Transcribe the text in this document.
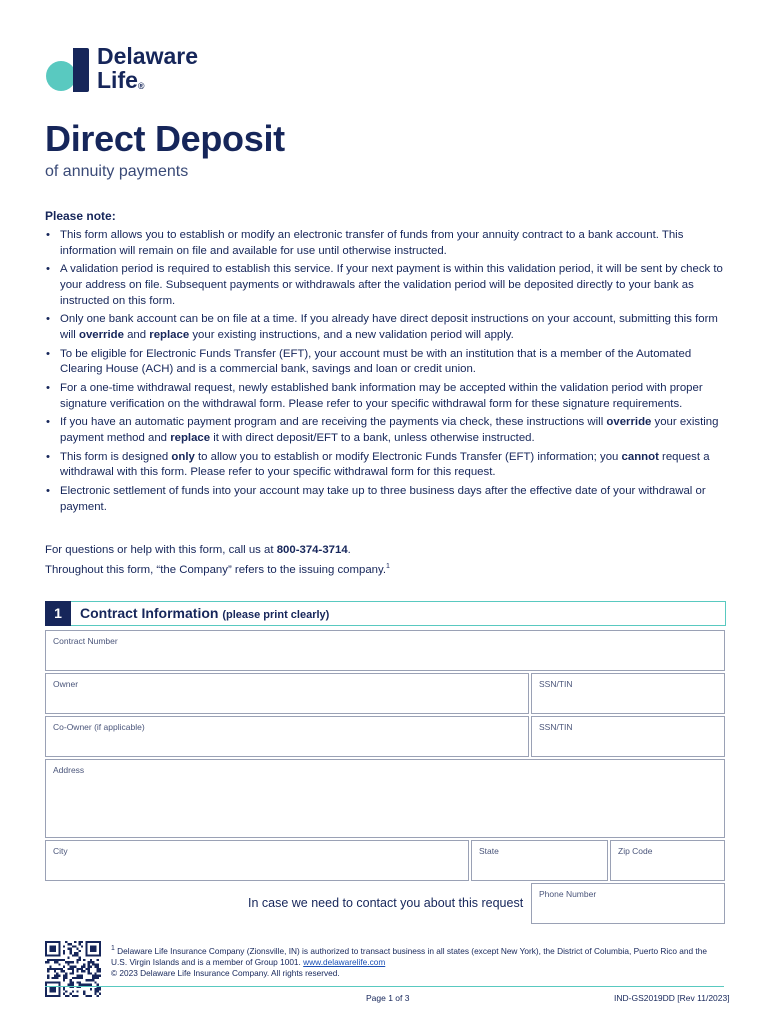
Delaware
Life®
Direct Deposit
of annuity payments
Please note:
• This form allows you to establish or modify an electronic transfer of funds from your annuity contract to a bank account. This information will remain on file and available for use until otherwise instructed.
• A validation period is required to establish this service. If your next payment is within this validation period, it will be sent by check to your address on file. Subsequent payments or withdrawals after the validation period will be deposited directly to your bank as instructed on this form.
• Only one bank account can be on file at a time. If you already have direct deposit instructions on your account, submitting this form will override and replace your existing instructions, and a new validation period will apply.
• To be eligible for Electronic Funds Transfer (EFT), your account must be with an institution that is a member of the Automated Clearing House (ACH) and is a commercial bank, savings and loan or credit union.
• For a one-time withdrawal request, newly established bank information may be accepted within the validation period with proper signature verification on the withdrawal form. Please refer to your specific withdrawal form for these signature requirements.
• If you have an automatic payment program and are receiving the payments via check, these instructions will override your existing payment method and replace it with direct deposit/EFT to a bank, unless otherwise instructed.
• This form is designed only to allow you to establish or modify Electronic Funds Transfer (EFT) information; you cannot request a withdrawal with this form. Please refer to your specific withdrawal form for this request.
• Electronic settlement of funds into your account may take up to three business days after the effective date of your withdrawal or payment.
For questions or help with this form, call us at 800-374-3714.
Throughout this form, “the Company” refers to the issuing company.$^1$
1	Contract Information (please print clearly)
Contract Number
Owner	SSN/TIN
Co-Owner (if applicable)	SSN/TIN
Address
City	State	Zip Code
In case we need to contact you about this request
Phone Number
$^1$ Delaware Life Insurance Company (Zionsville, IN) is authorized to transact business in all states (except New York), the District of Columbia, Puerto Rico and the U.S. Virgin Islands and is a member of Group 1001. www.delawarelife.com
© 2023 Delaware Life Insurance Company. All rights reserved.
Page 1 of 3	IND-GS2019DD [Rev 11/2023]
